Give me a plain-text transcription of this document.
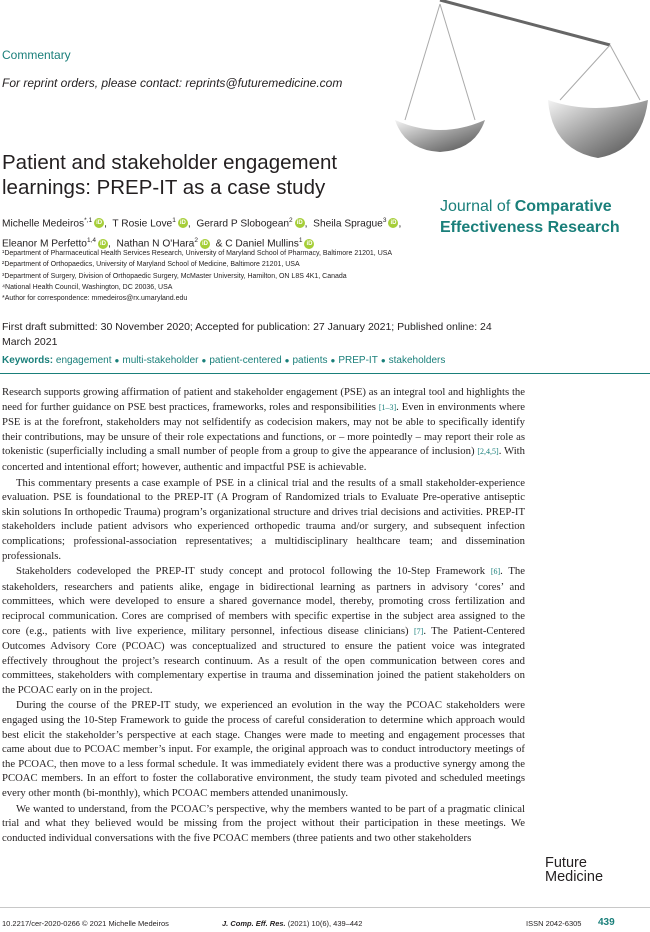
Commentary
For reprint orders, please contact: reprints@futuremedicine.com
Patient and stakeholder engagement learnings: PREP-IT as a case study
Journal of Comparative
Effectiveness Research
Michelle Medeiros$^{*,1}$ iD ,  T Rosie Love$^1$ iD ,  Gerard P Slobogean$^2$ iD ,  Sheila Sprague$^3$ iD ,
Eleanor M Perfetto$^{1,4}$ iD ,  Nathan N O'Hara$^2$ iD & C Daniel Mullins$^1$ iD
¹Department of Pharmaceutical Health Services Research, University of Maryland School of Pharmacy, Baltimore 21201, USA
²Department of Orthopaedics, University of Maryland School of Medicine, Baltimore 21201, USA
³Department of Surgery, Division of Orthopaedic Surgery, McMaster University, Hamilton, ON L8S 4K1, Canada
⁴National Health Council, Washington, DC 20036, USA
*Author for correspondence: mmedeiros@rx.umaryland.edu
First draft submitted: 30 November 2020; Accepted for publication: 27 January 2021; Published online: 24 March 2021
Keywords: engagement ● multi-stakeholder ● patient-centered ● patients ● PREP-IT ● stakeholders

Research supports growing affirmation of patient and stakeholder engagement (PSE) as an integral tool and highlights the need for further guidance on PSE best practices, frameworks, roles and responsibilities [1–3]. Even in environments where PSE is at the forefront, stakeholders may not selfidentify as codecision makers, may not be able to specifically identify their contributions, may be unsure of their role expectations and functions, or – more pointedly – may report their role as tokenistic (superficially including a small number of people from a group to give the appearance of inclusion) [2,4,5]. With concerted and intentional effort; however, authentic and impactful PSE is achievable.

This commentary presents a case example of PSE in a clinical trial and the results of a small stakeholder-experience evaluation. PSE is foundational to the PREP-IT (A Program of Randomized trials to Evaluate Pre-operative antiseptic skin solutions In orthopedic Trauma) program’s organizational structure and drives trial decisions and activities. PREP-IT stakeholders include patient advisors who experienced orthopedic trauma and/or surgery, and subsequent infection complications; professional-association representatives; a multidisciplinary healthcare team; and dissemination professionals.

Stakeholders codeveloped the PREP-IT study concept and protocol following the 10-Step Framework [6]. The stakeholders, researchers and patients alike, engage in bidirectional learning as partners in advisory ‘cores’ and committees, which were developed to ensure a shared governance model, thereby, promoting cross fertilization and reciprocal communication. Cores are comprised of members with specific expertise in the subject area assigned to the core (e.g., patients with live experience, military personnel, infectious disease clinicians) [7]. The Patient-Centered Outcomes Advisory Core (PCOAC) was conceptualized and structured to ensure the patient voice was integrated effectively throughout the project’s research continuum. As a result of the open communication between cores and committees, stakeholders with complementary expertise in trauma and dissemination joined the patient stakeholders on the PCOAC early on in the project.

During the course of the PREP-IT study, we experienced an evolution in the way the PCOAC stakeholders were engaged using the 10-Step Framework to guide the process of careful consideration to determine which approach would best elicit the stakeholder’s perspective at each stage. Changes were made to meeting and engagement processes that came about due to PCOAC member’s input. For example, the original approach was to conduct introductory meetings of the PCOAC, then move to a less formal schedule. It was immediately evident there was a productive synergy among the PCOAC members. In an effort to foster the collaborative environment, the study team pivoted and scheduled meetings every other month (bi-monthly), which PCOAC members attended unanimously.

We wanted to understand, from the PCOAC’s perspective, why the members wanted to be part of a pragmatic clinical trial and what they believed would be missing from the project without their participation in these meetings. We conducted individual conversations with the five PCOAC members (three patients and two other stakeholders

Future
Medicine
10.2217/cer-2020-0266 © 2021 Michelle Medeiros	J. Comp. Eff. Res. (2021) 10(6), 439–442	ISSN 2042-6305 439
